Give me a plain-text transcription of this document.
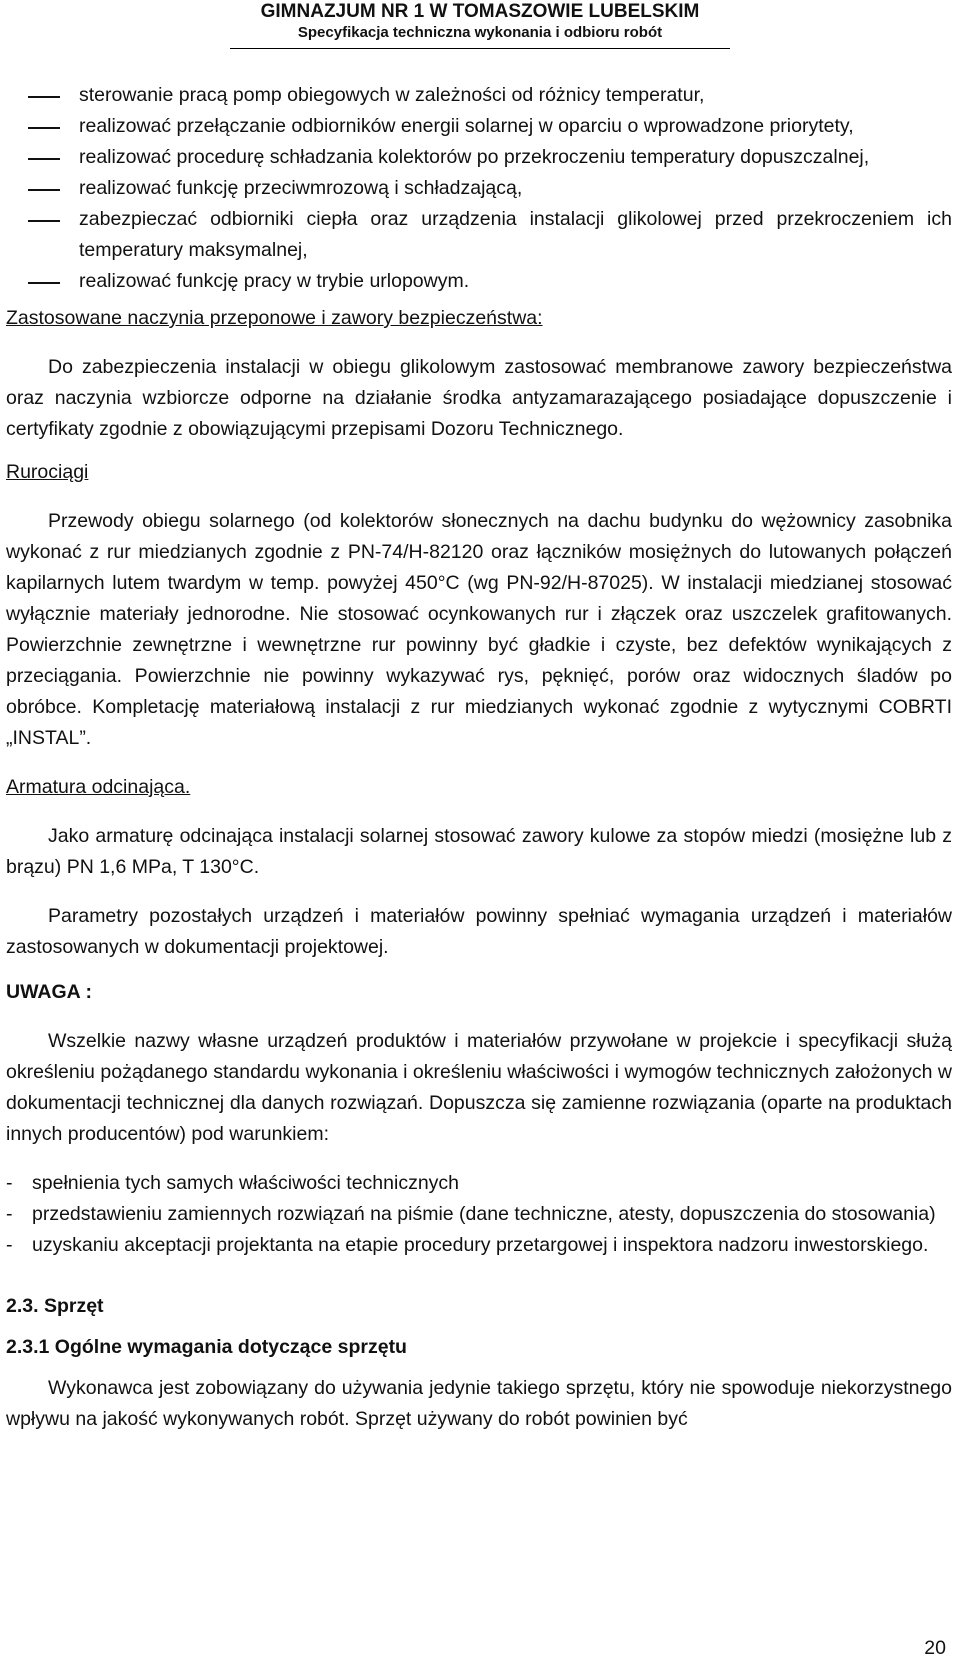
GIMNAZJUM NR 1 W TOMASZOWIE LUBELSKIM
Specyfikacja techniczna wykonania i odbioru robót
sterowanie pracą pomp obiegowych w zależności od różnicy temperatur,
realizować przełączanie odbiorników energii solarnej w oparciu o wprowadzone priorytety,
realizować procedurę schładzania kolektorów po przekroczeniu temperatury dopuszczalnej,
realizować funkcję przeciwmrozową i schładzającą,
zabezpieczać odbiorniki ciepła oraz urządzenia instalacji glikolowej przed przekroczeniem ich temperatury maksymalnej,
realizować funkcję pracy w trybie urlopowym.
Zastosowane naczynia przeponowe i zawory bezpieczeństwa:

Do zabezpieczenia instalacji w obiegu glikolowym zastosować membranowe zawory bezpieczeństwa oraz naczynia wzbiorcze odporne na działanie środka antyzamarazającego posiadające dopuszczenie i certyfikaty zgodnie z obowiązującymi przepisami Dozoru Technicznego.

Rurociągi

Przewody obiegu solarnego (od kolektorów słonecznych na dachu budynku do wężownicy zasobnika wykonać z rur miedzianych zgodnie z PN-74/H-82120 oraz łączników mosiężnych do lutowanych połączeń kapilarnych lutem twardym w temp. powyżej 450°C (wg PN-92/H-87025). W instalacji miedzianej stosować wyłącznie materiały jednorodne. Nie stosować ocynkowanych rur i złączek oraz uszczelek grafitowanych. Powierzchnie zewnętrzne i wewnętrzne rur powinny być gładkie i czyste, bez defektów wynikających z przeciągania. Powierzchnie nie powinny wykazywać rys, pęknięć, porów oraz widocznych śladów po obróbce. Kompletację materiałową instalacji z rur miedzianych wykonać zgodnie z wytycznymi COBRTI „INSTAL”.

Armatura odcinająca.

Jako armaturę odcinająca instalacji solarnej stosować zawory kulowe za stopów miedzi (mosiężne lub z brązu) PN 1,6 MPa, T 130°C.

Parametry pozostałych urządzeń i materiałów powinny spełniać wymagania urządzeń i materiałów zastosowanych w dokumentacji projektowej.

UWAGA :

Wszelkie nazwy własne urządzeń produktów i materiałów przywołane w projekcie i specyfikacji służą określeniu pożądanego standardu wykonania i określeniu właściwości i wymogów technicznych założonych w dokumentacji technicznej dla danych rozwiązań. Dopuszcza się zamienne rozwiązania (oparte na produktach innych producentów) pod warunkiem:

- spełnienia tych samych właściwości technicznych
- przedstawieniu zamiennych rozwiązań na piśmie (dane techniczne, atesty, dopuszczenia do stosowania)
- uzyskaniu akceptacji projektanta na etapie procedury przetargowej i inspektora nadzoru inwestorskiego.
2.3. Sprzęt
2.3.1 Ogólne wymagania dotyczące sprzętu

Wykonawca jest zobowiązany do używania jedynie takiego sprzętu, który nie spowoduje niekorzystnego wpływu na jakość wykonywanych robót. Sprzęt używany do robót powinien być

20
